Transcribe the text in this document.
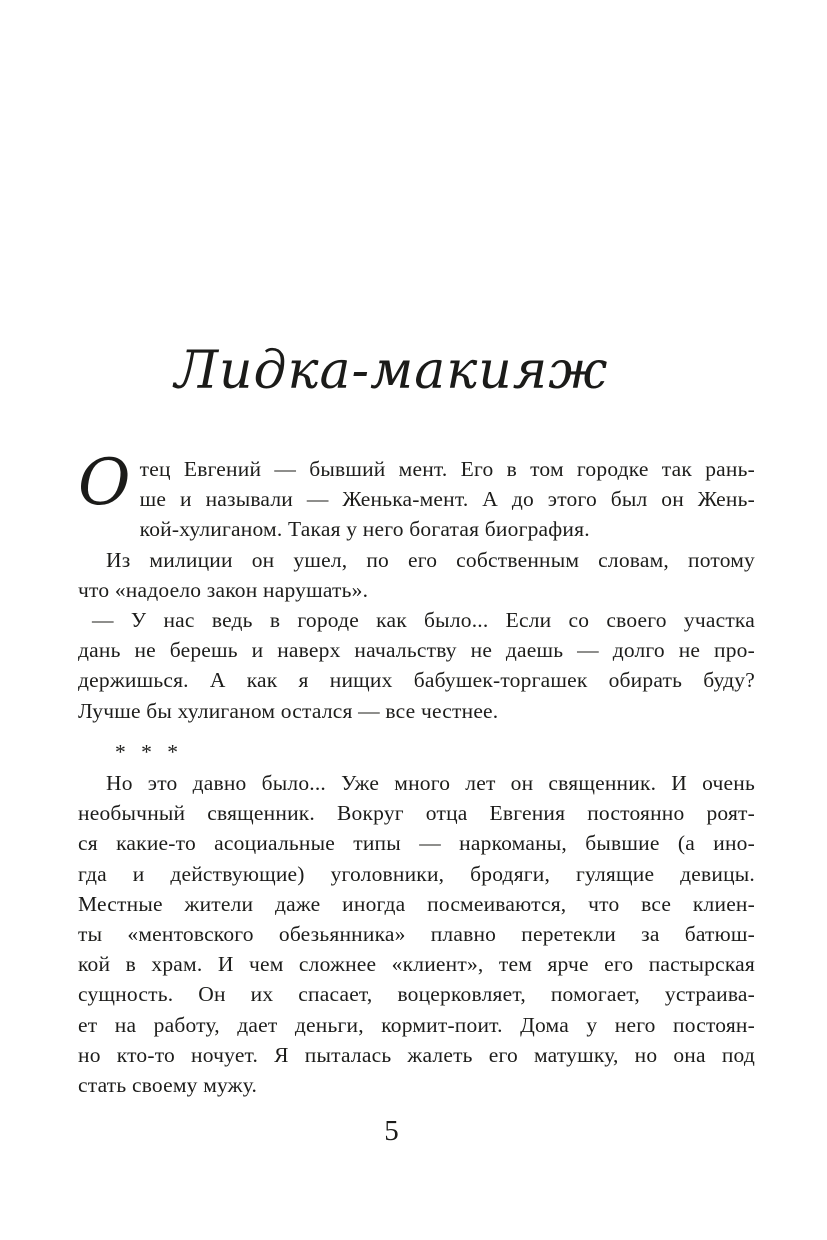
Лидка-макияж
О тец Евгений — бывший мент. Его в том городке так рань-
ше и называли — Женька-мент. А до этого был он Жень-
кой-хулиганом. Такая у него богатая биография.
Из милиции он ушел, по его собственным словам, потому
что «надоело закон нарушать».
— У нас ведь в городе как было... Если со своего участка
дань не берешь и наверх начальству не даешь — долго не про-
держишься. А как я нищих бабушек-торгашек обирать буду?
Лучше бы хулиганом остался — все честнее.
* * *
Но это давно было... Уже много лет он священник. И очень
необычный священник. Вокруг отца Евгения постоянно роят-
ся какие-то асоциальные типы — наркоманы, бывшие (а ино-
гда и действующие) уголовники, бродяги, гулящие девицы.
Местные жители даже иногда посмеиваются, что все клиен-
ты «ментовского обезьянника» плавно перетекли за батюш-
кой в храм. И чем сложнее «клиент», тем ярче его пастырская
сущность. Он их спасает, воцерковляет, помогает, устраива-
ет на работу, дает деньги, кормит-поит. Дома у него постоян-
но кто-то ночует. Я пыталась жалеть его матушку, но она под
стать своему мужу.
5
